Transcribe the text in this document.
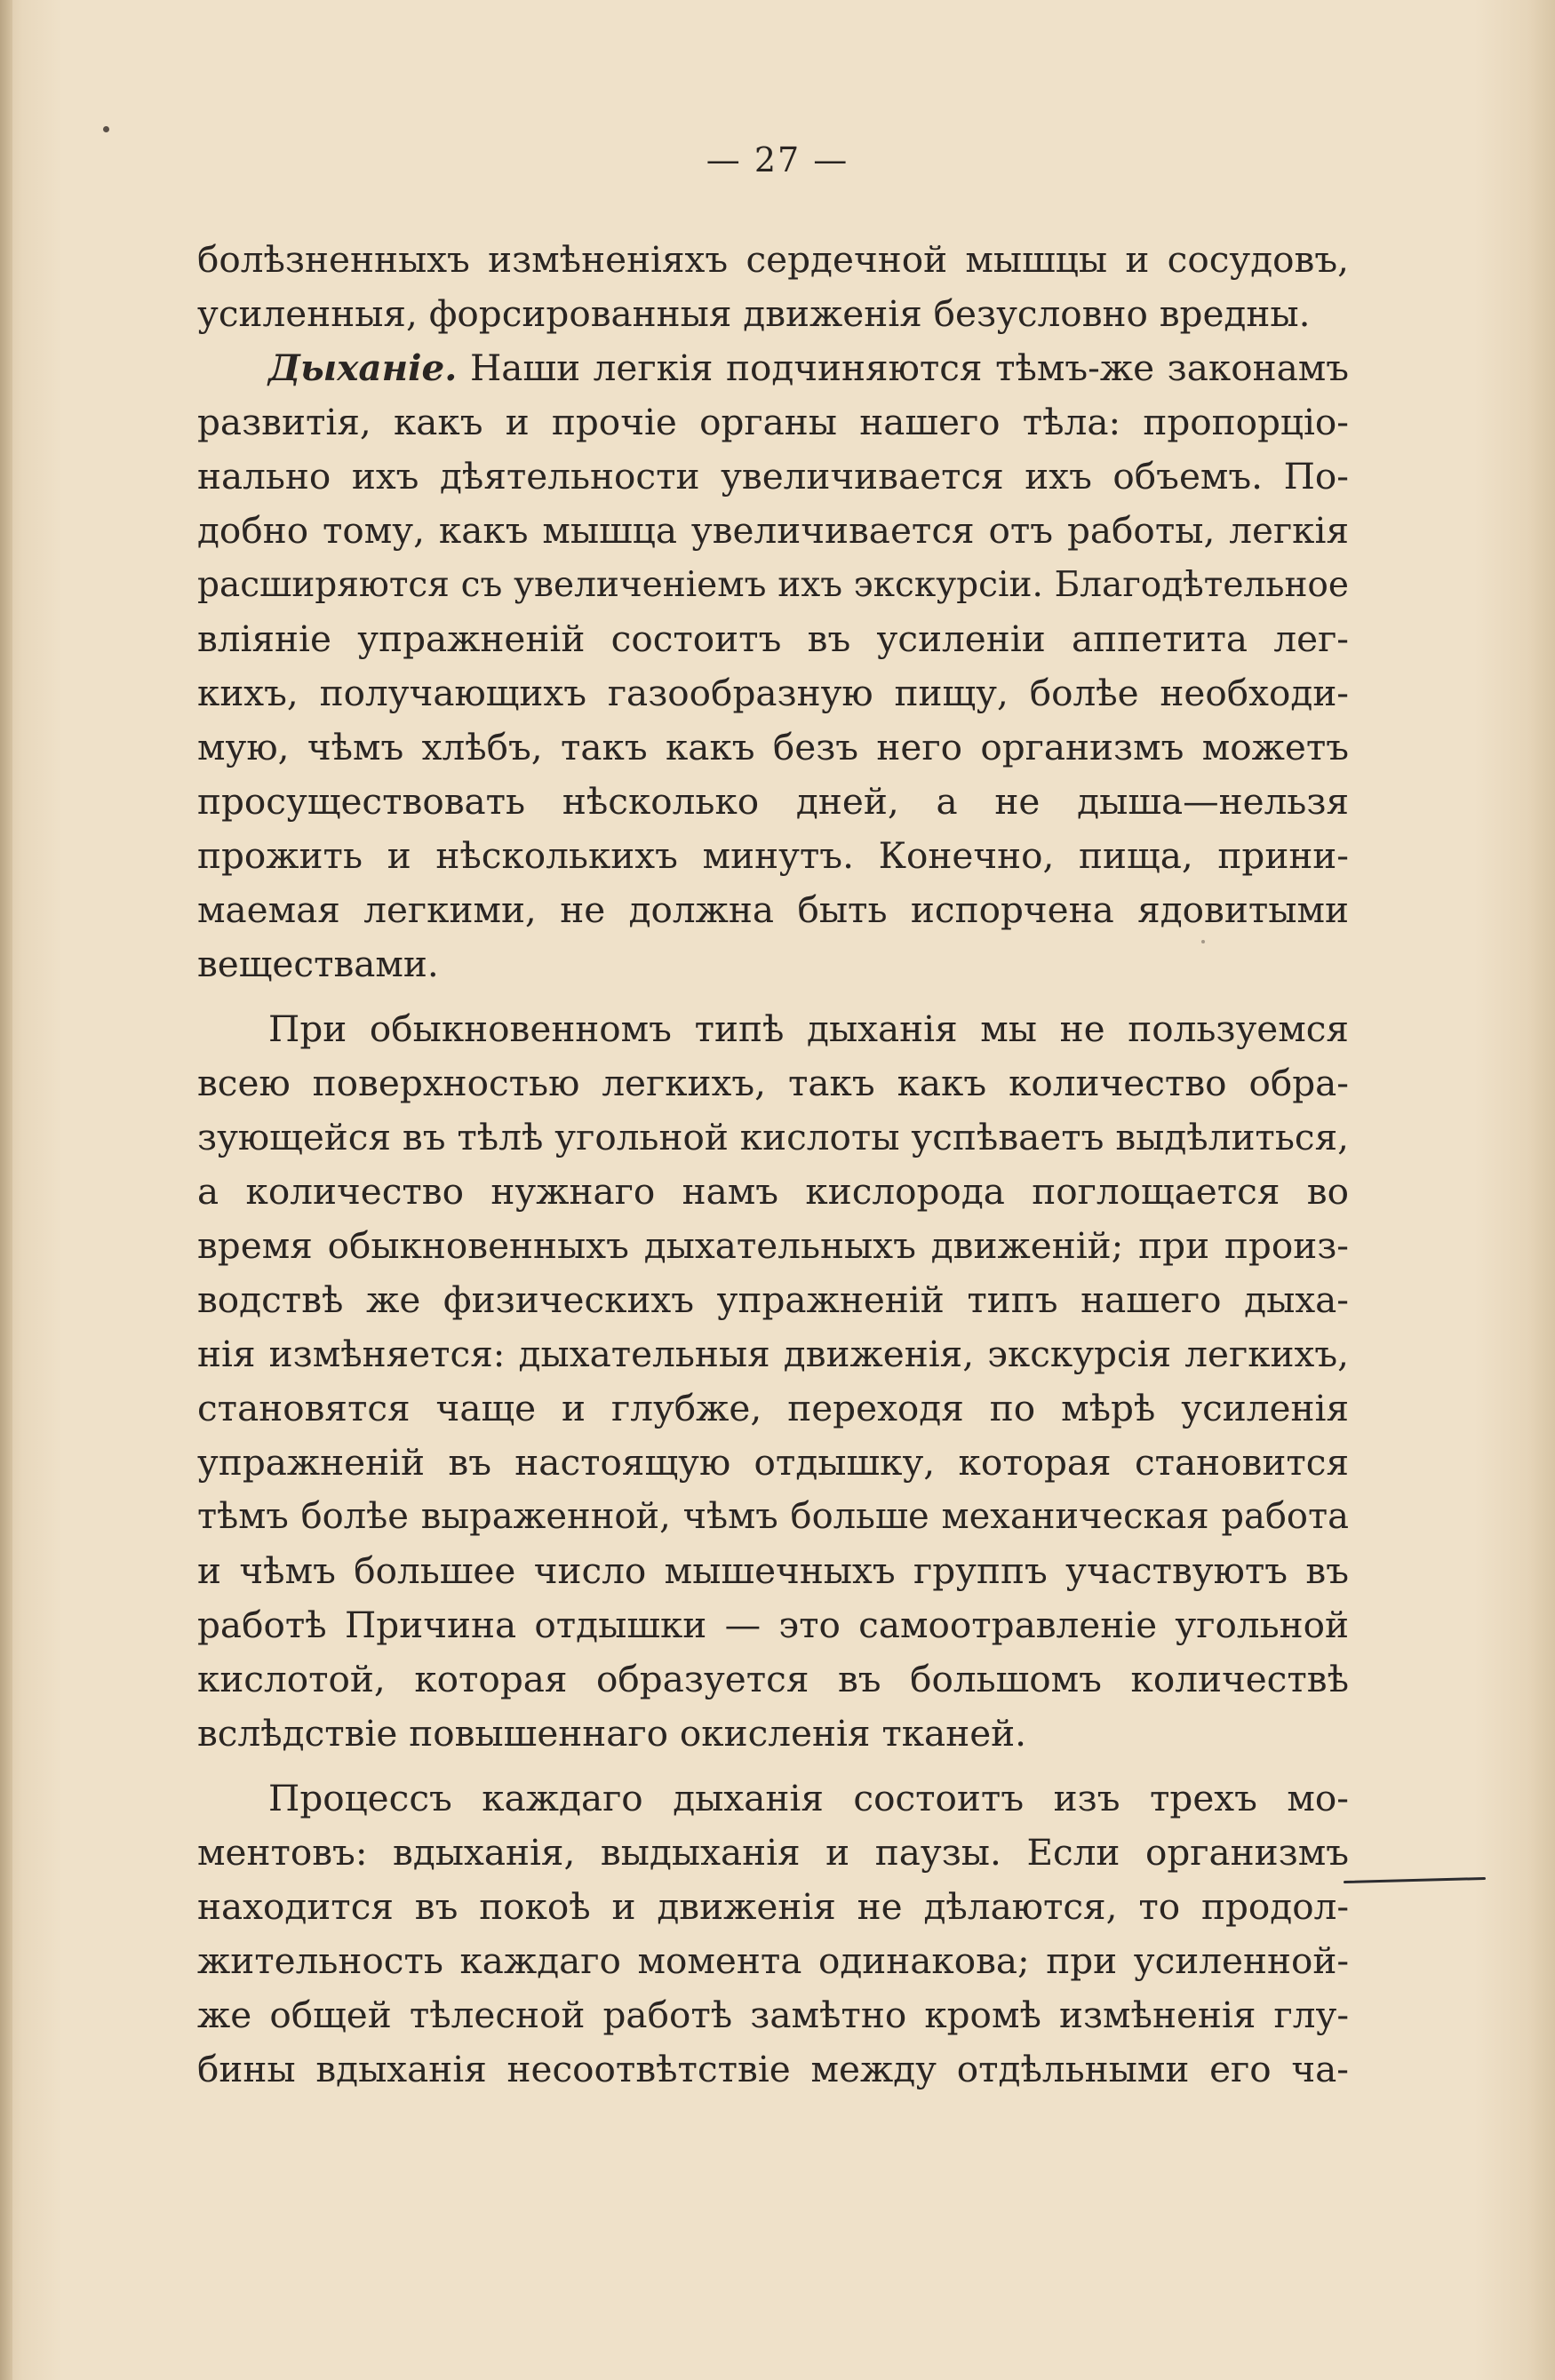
— 27 —
болѣзненныхъ измѣненіяхъ сердечной мышцы и сосудовъ,
усиленныя, форсированныя движенія безусловно вредны.
Дыханіе. Наши легкія подчиняются тѣмъ-же законамъ
развитія, какъ и прочіе органы нашего тѣла: пропорціо-
нально ихъ дѣятельности увеличивается ихъ объемъ. По-
добно тому, какъ мышца увеличивается отъ работы, легкія
расширяются съ увеличеніемъ ихъ экскурсіи. Благодѣтельное
вліяніе упражненій состоитъ въ усиленіи аппетита лег-
кихъ, получающихъ газообразную пищу, болѣе необходи-
мую, чѣмъ хлѣбъ, такъ какъ безъ него организмъ можетъ
просуществовать нѣсколько дней, а не дыша—нельзя
прожить и нѣсколькихъ минутъ. Конечно, пища, прини-
маемая легкими, не должна быть испорчена ядовитыми
веществами.
При обыкновенномъ типѣ дыханія мы не пользуемся
всею поверхностью легкихъ, такъ какъ количество обра-
зующейся въ тѣлѣ угольной кислоты успѣваетъ выдѣлиться,
а количество нужнаго намъ кислорода поглощается во
время обыкновенныхъ дыхательныхъ движеній; при произ-
водствѣ же физическихъ упражненій типъ нашего дыха-
нія измѣняется: дыхательныя движенія, экскурсія легкихъ,
становятся чаще и глубже, переходя по мѣрѣ усиленія
упражненій въ настоящую отдышку, которая становится
тѣмъ болѣе выраженной, чѣмъ больше механическая работа
и чѣмъ большее число мышечныхъ группъ участвуютъ въ
работѣ Причина отдышки — это самоотравленіе угольной
кислотой, которая образуется въ большомъ количествѣ
вслѣдствіе повышеннаго окисленія тканей.
Процессъ каждаго дыханія состоитъ изъ трехъ мо-
ментовъ: вдыханія, выдыханія и паузы. Если организмъ
находится въ покоѣ и движенія не дѣлаются, то продол-
жительность каждаго момента одинакова; при усиленной-
же общей тѣлесной работѣ замѣтно кромѣ измѣненія глу-
бины вдыханія несоотвѣтствіе между отдѣльными его ча-
